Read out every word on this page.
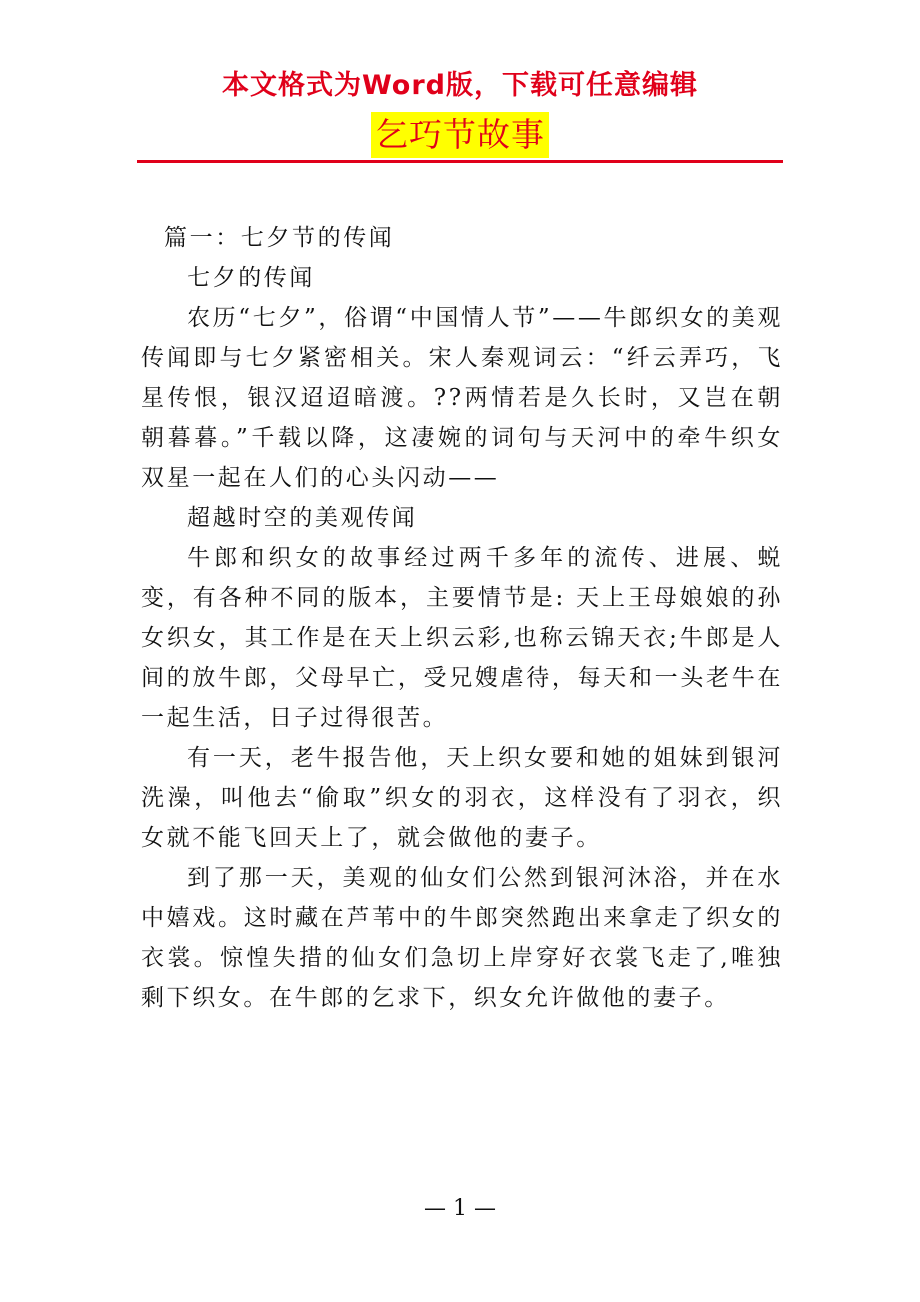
本文格式为Word版，下载可任意编辑
乞巧节故事

篇一：七夕节的传闻

七夕的传闻

农历“七夕”，俗谓“中国情人节”——牛郎织女的美观传闻即与七夕紧密相关。宋人秦观词云：“纤云弄巧，飞星传恨，银汉迢迢暗渡。??两情若是久长时，又岂在朝朝暮暮。”千载以降，这凄婉的词句与天河中的牵牛织女双星一起在人们的心头闪动——

超越时空的美观传闻

牛郎和织女的故事经过两千多年的流传、进展、蜕变，有各种不同的版本，主要情节是: 天上王母娘娘的孙女织女，其工作是在天上织云彩,也称云锦天衣;牛郎是人间的放牛郎，父母早亡，受兄嫂虐待，每天和一头老牛在一起生活，日子过得很苦。

有一天，老牛报告他，天上织女要和她的姐妹到银河洗澡，叫他去“偷取”织女的羽衣，这样没有了羽衣，织女就不能飞回天上了，就会做他的妻子。

到了那一天，美观的仙女们公然到银河沐浴，并在水中嬉戏。这时藏在芦苇中的牛郎突然跑出来拿走了织女的衣裳。惊惶失措的仙女们急切上岸穿好衣裳飞走了,唯独剩下织女。在牛郎的乞求下，织女允许做他的妻子。

— 1 —
